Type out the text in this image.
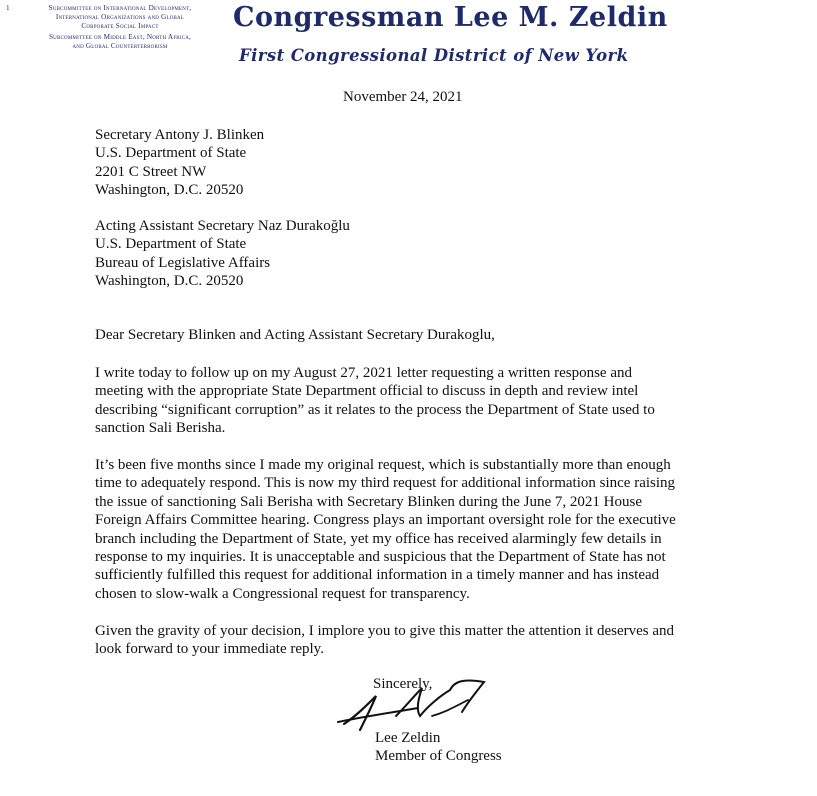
1	Subcommittee on International Development,
International Organizations and Global
Corporate Social Impact
Subcommittee on Middle East, North Africa,
and Global Counterterrorism
Congressman Lee M. Zeldin
First Congressional District of New York
November 24, 2021
Secretary Antony J. Blinken
U.S. Department of State
2201 C Street NW
Washington, D.C. 20520
Acting Assistant Secretary Naz Durakoğlu
U.S. Department of State
Bureau of Legislative Affairs
Washington, D.C. 20520
Dear Secretary Blinken and Acting Assistant Secretary Durakoglu,
I write today to follow up on my August 27, 2021 letter requesting a written response and
meeting with the appropriate State Department official to discuss in depth and review intel
describing “significant corruption” as it relates to the process the Department of State used to
sanction Sali Berisha.
It’s been five months since I made my original request, which is substantially more than enough
time to adequately respond. This is now my third request for additional information since raising
the issue of sanctioning Sali Berisha with Secretary Blinken during the June 7, 2021 House
Foreign Affairs Committee hearing. Congress plays an important oversight role for the executive
branch including the Department of State, yet my office has received alarmingly few details in
response to my inquiries. It is unacceptable and suspicious that the Department of State has not
sufficiently fulfilled this request for additional information in a timely manner and has instead
chosen to slow-walk a Congressional request for transparency.
Given the gravity of your decision, I implore you to give this matter the attention it deserves and
look forward to your immediate reply.
Sincerely,
Lee Zeldin
Member of Congress
